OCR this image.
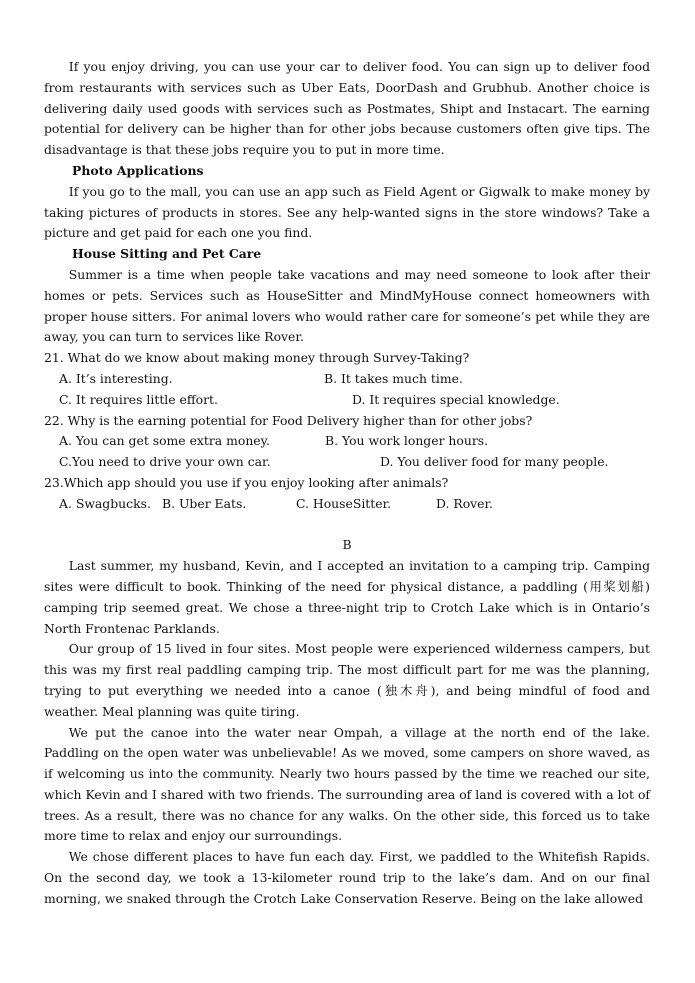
If you enjoy driving, you can use your car to deliver food. You can sign up to deliver food from restaurants with services such as Uber Eats, DoorDash and Grubhub. Another choice is delivering daily used goods with services such as Postmates, Shipt and Instacart. The earning potential for delivery can be higher than for other jobs because customers often give tips. The disadvantage is that these jobs require you to put in more time.

Photo Applications

If you go to the mall, you can use an app such as Field Agent or Gigwalk to make money by taking pictures of products in stores. See any help-wanted signs in the store windows? Take a picture and get paid for each one you find.

House Sitting and Pet Care

Summer is a time when people take vacations and may need someone to look after their homes or pets. Services such as HouseSitter and MindMyHouse connect homeowners with proper house sitters. For animal lovers who would rather care for someone’s pet while they are away, you can turn to services like Rover.

21. What do we know about making money through Survey-Taking?

A. It’s interesting.	B. It takes much time.
C. It requires little effort.	D. It requires special knowledge.

22. Why is the earning potential for Food Delivery higher than for other jobs?

A. You can get some extra money.	B. You work longer hours.
C.You need to drive your own car.	D. You deliver food for many people.

23.Which app should you use if you enjoy looking after animals?

A. Swagbucks. B. Uber Eats.	C. HouseSitter.	D. Rover.

B

Last summer, my husband, Kevin, and I accepted an invitation to a camping trip. Camping sites were difficult to book. Thinking of the need for physical distance, a paddling (用桨划船) camping trip seemed great. We chose a three-night trip to Crotch Lake which is in Ontario’s North Frontenac Parklands.

Our group of 15 lived in four sites. Most people were experienced wilderness campers, but this was my first real paddling camping trip. The most difficult part for me was the planning, trying to put everything we needed into a canoe (独木舟), and being mindful of food and weather. Meal planning was quite tiring.

We put the canoe into the water near Ompah, a village at the north end of the lake. Paddling on the open water was unbelievable! As we moved, some campers on shore waved, as if welcoming us into the community. Nearly two hours passed by the time we reached our site, which Kevin and I shared with two friends. The surrounding area of land is covered with a lot of trees. As a result, there was no chance for any walks. On the other side, this forced us to take more time to relax and enjoy our surroundings.

We chose different places to have fun each day. First, we paddled to the Whitefish Rapids. On the second day, we took a 13-kilometer round trip to the lake’s dam. And on our final morning, we snaked through the Crotch Lake Conservation Reserve. Being on the lake allowed
